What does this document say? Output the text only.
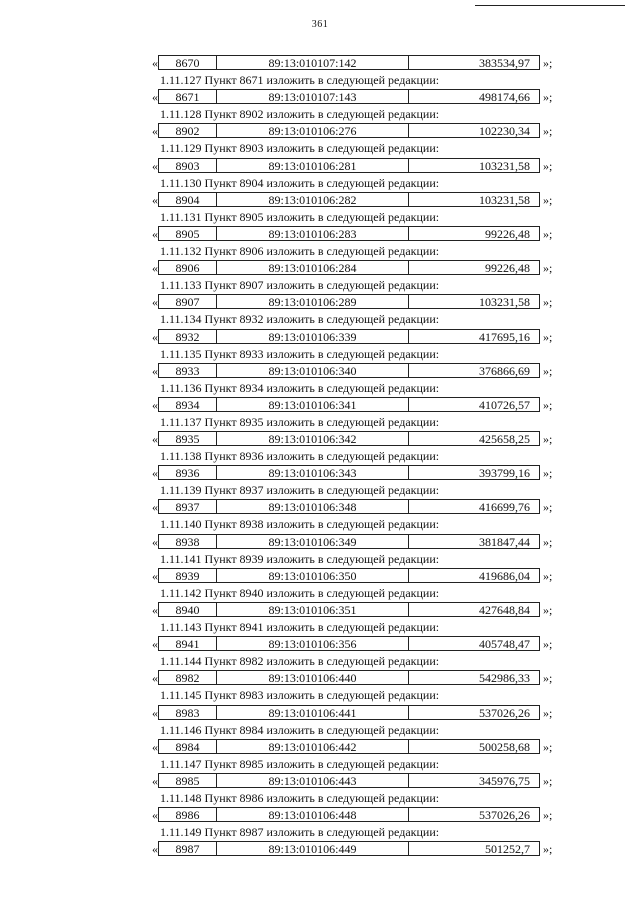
361
«	8670	89:13:010107:142	383534,97	»;
1.11.127 Пункт 8671 изложить в следующей редакции:
«	8671	89:13:010107:143	498174,66	»;
1.11.128 Пункт 8902 изложить в следующей редакции:
«	8902	89:13:010106:276	102230,34	»;
1.11.129 Пункт 8903 изложить в следующей редакции:
«	8903	89:13:010106:281	103231,58	»;
1.11.130 Пункт 8904 изложить в следующей редакции:
«	8904	89:13:010106:282	103231,58	»;
1.11.131 Пункт 8905 изложить в следующей редакции:
«	8905	89:13:010106:283	99226,48	»;
1.11.132 Пункт 8906 изложить в следующей редакции:
«	8906	89:13:010106:284	99226,48	»;
1.11.133 Пункт 8907 изложить в следующей редакции:
«	8907	89:13:010106:289	103231,58	»;
1.11.134 Пункт 8932 изложить в следующей редакции:
«	8932	89:13:010106:339	417695,16	»;
1.11.135 Пункт 8933 изложить в следующей редакции:
«	8933	89:13:010106:340	376866,69	»;
1.11.136 Пункт 8934 изложить в следующей редакции:
«	8934	89:13:010106:341	410726,57	»;
1.11.137 Пункт 8935 изложить в следующей редакции:
«	8935	89:13:010106:342	425658,25	»;
1.11.138 Пункт 8936 изложить в следующей редакции:
«	8936	89:13:010106:343	393799,16	»;
1.11.139 Пункт 8937 изложить в следующей редакции:
«	8937	89:13:010106:348	416699,76	»;
1.11.140 Пункт 8938 изложить в следующей редакции:
«	8938	89:13:010106:349	381847,44	»;
1.11.141 Пункт 8939 изложить в следующей редакции:
«	8939	89:13:010106:350	419686,04	»;
1.11.142 Пункт 8940 изложить в следующей редакции:
«	8940	89:13:010106:351	427648,84	»;
1.11.143 Пункт 8941 изложить в следующей редакции:
«	8941	89:13:010106:356	405748,47	»;
1.11.144 Пункт 8982 изложить в следующей редакции:
«	8982	89:13:010106:440	542986,33	»;
1.11.145 Пункт 8983 изложить в следующей редакции:
«	8983	89:13:010106:441	537026,26	»;
1.11.146 Пункт 8984 изложить в следующей редакции:
«	8984	89:13:010106:442	500258,68	»;
1.11.147 Пункт 8985 изложить в следующей редакции:
«	8985	89:13:010106:443	345976,75	»;
1.11.148 Пункт 8986 изложить в следующей редакции:
«	8986	89:13:010106:448	537026,26	»;
1.11.149 Пункт 8987 изложить в следующей редакции:
«	8987	89:13:010106:449	501252,7	»;
